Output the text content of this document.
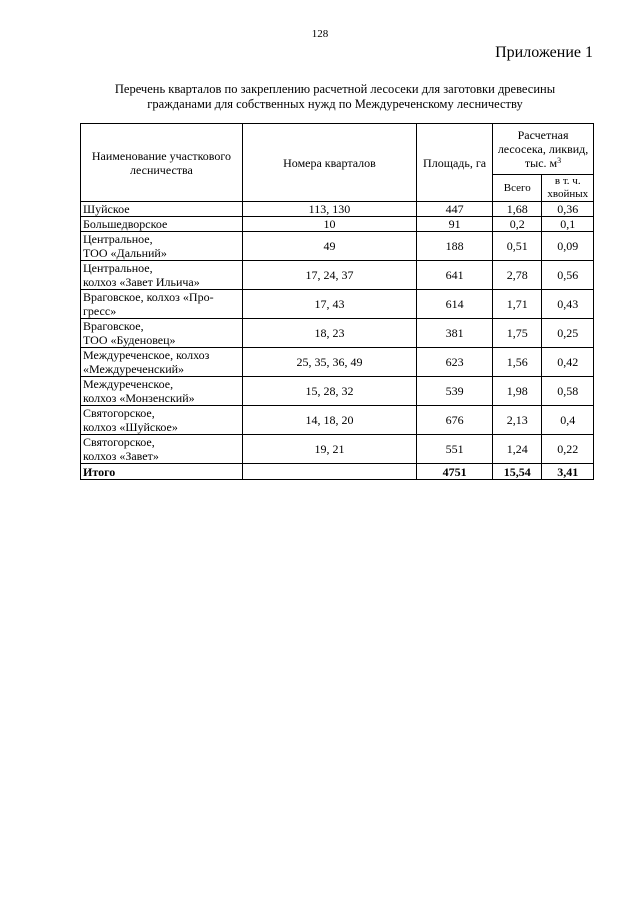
128
Приложение 1
Перечень кварталов по закреплению расчетной лесосеки для заготовки древесины
гражданами для собственных нужд по Междуреченскому лесничеству
Наименование участкового лесничества	Номера кварталов	Площадь, га	Расчетная лесосека, ликвид, тыс. $м^3$
			Всего	в т. ч. хвойных

Шуйское	113, 130	447	1,68	0,36

Большедворское	10	91	0,2	0,1

Центральное,
ТОО «Дальний»	49	188	0,51	0,09

Центральное,
колхоз «Завет Ильича»	17, 24, 37	641	2,78	0,56

Враговское, колхоз «Про-
гресс»	17, 43	614	1,71	0,43

Враговское,
ТОО «Буденовец»	18, 23	381	1,75	0,25

Междуреченское, колхоз
«Междуреченский»	25, 35, 36, 49	623	1,56	0,42

Междуреченское,
колхоз «Монзенский»	15, 28, 32	539	1,98	0,58

Святогорское,
колхоз «Шуйское»	14, 18, 20	676	2,13	0,4

Святогорское,
колхоз «Завет»	19, 21	551	1,24	0,22
Итого		4751	15,54	3,41
